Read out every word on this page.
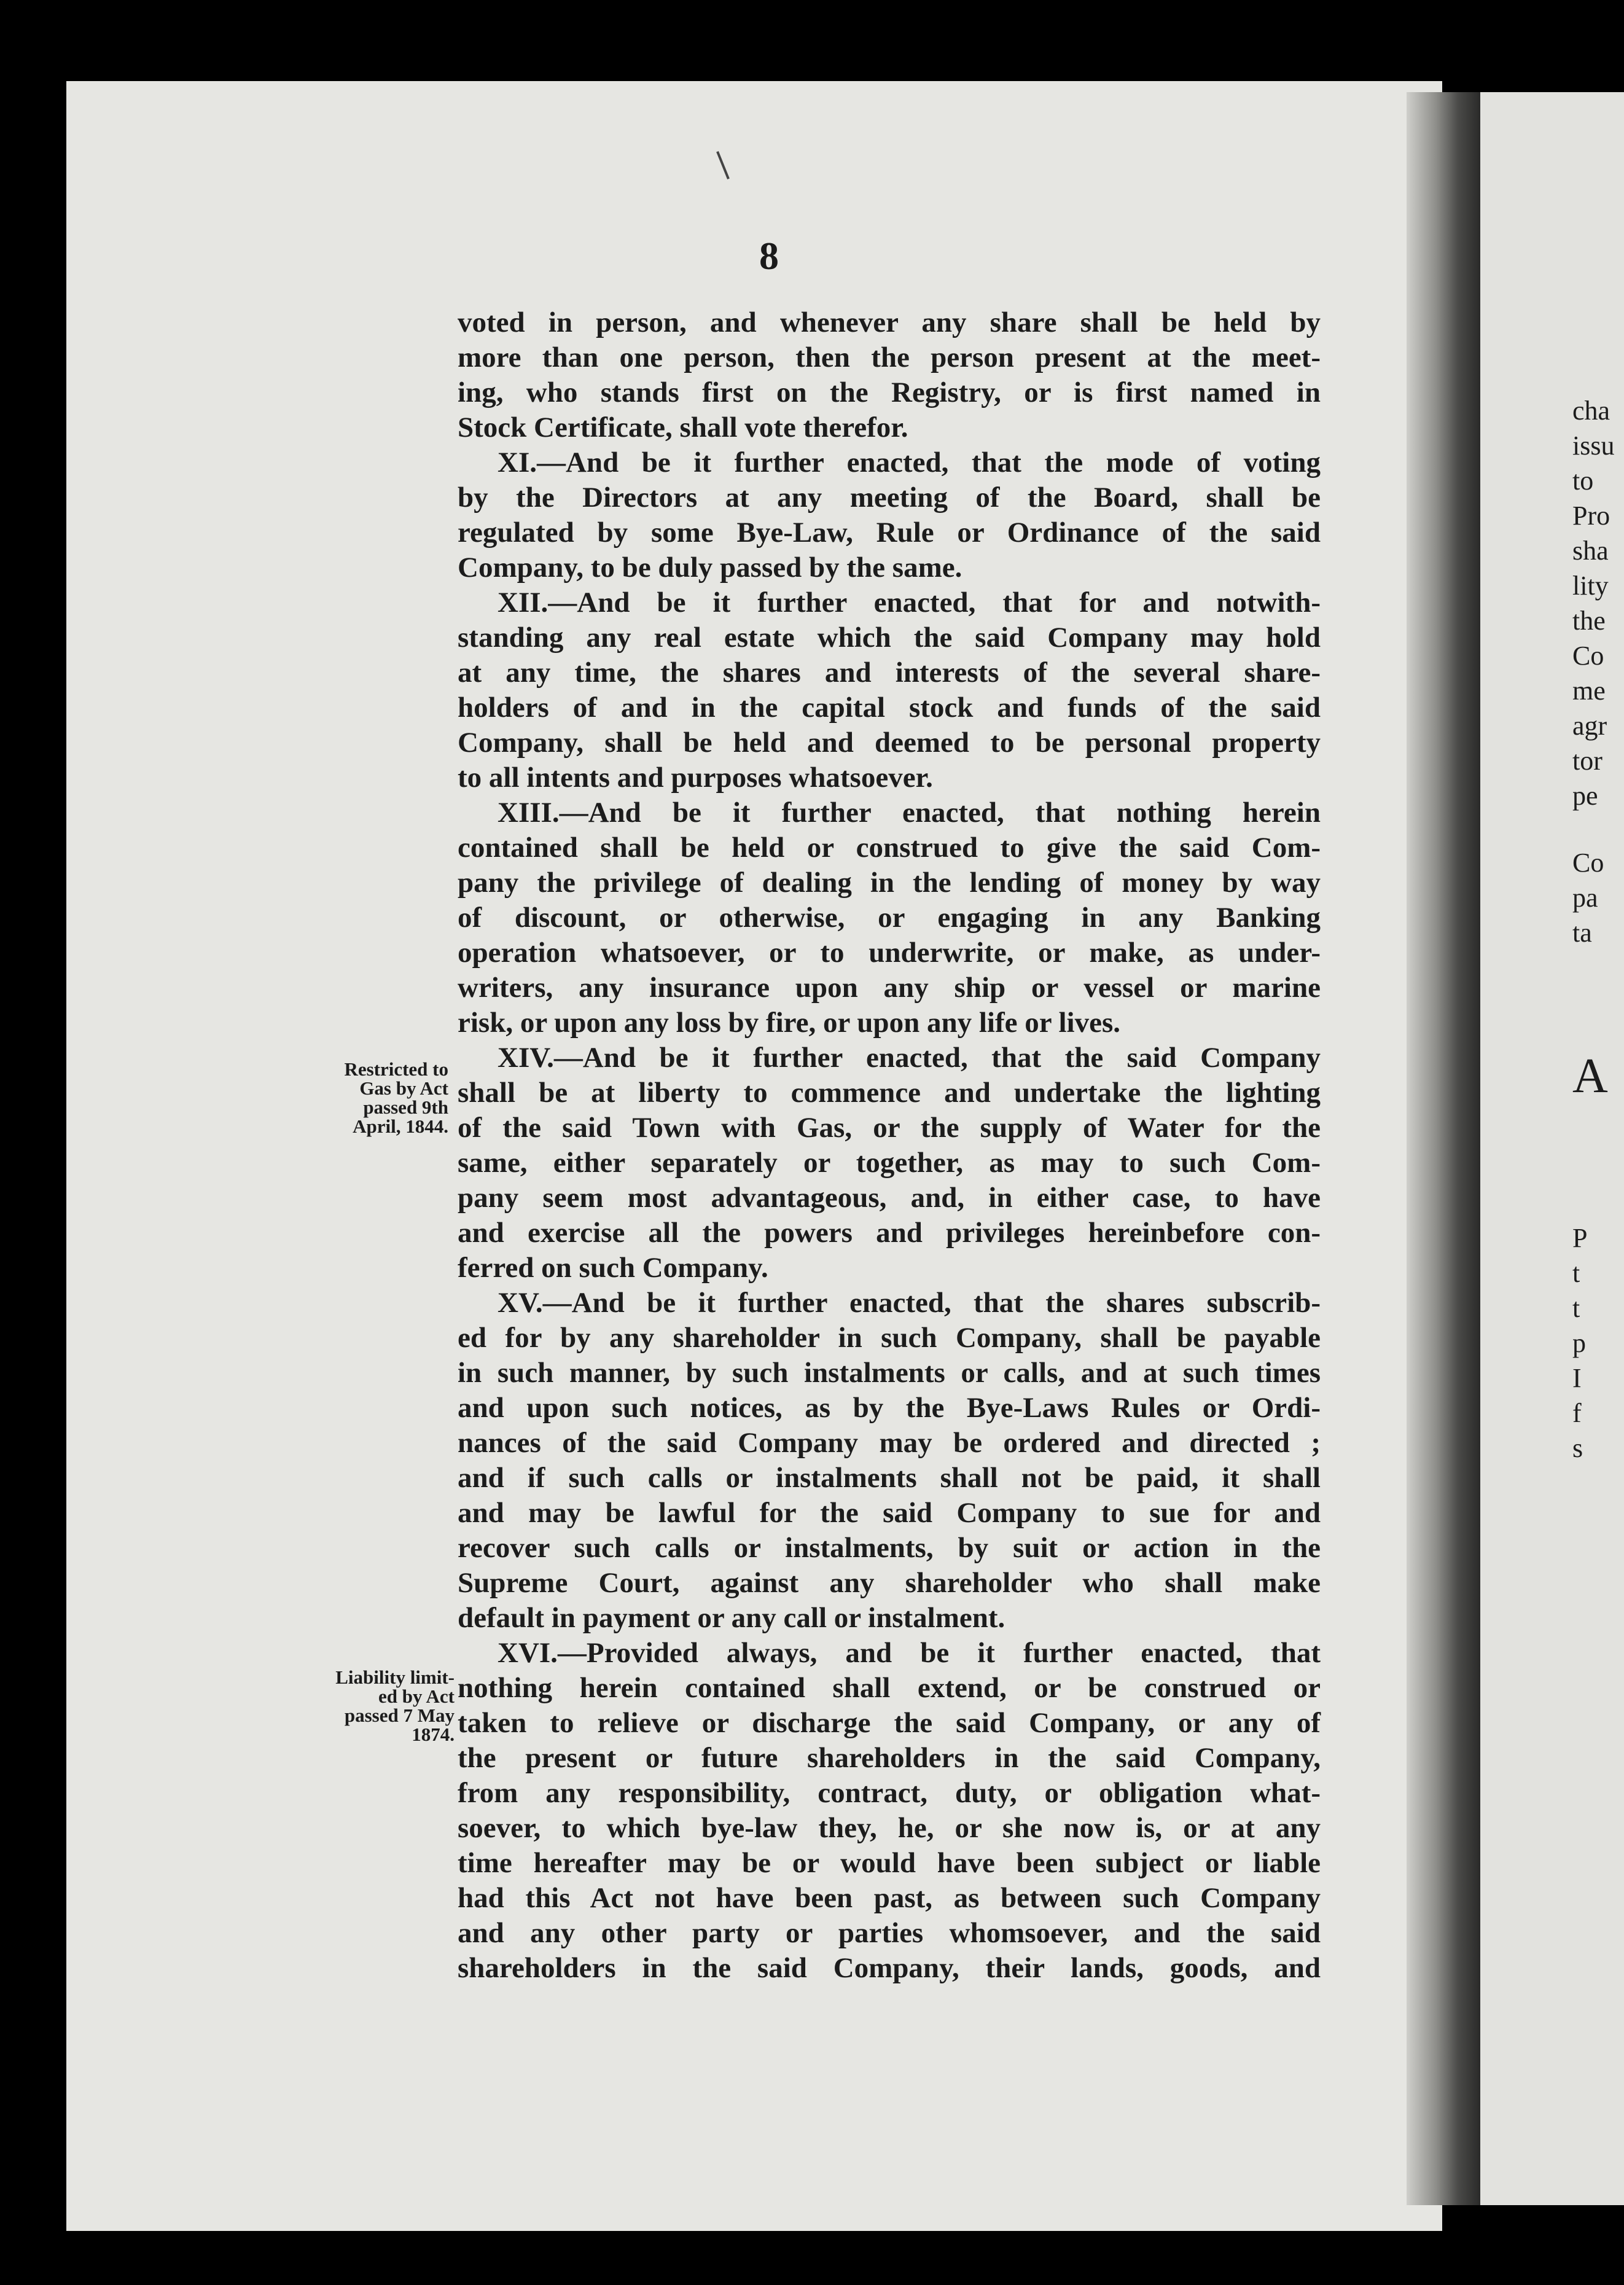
cha
issu
to
Pro
sha
lity
the
Co
me
agr
tor
pe
Co
pa
ta
A
P
t
t
p
I
f
s
8
Restricted to
Gas by Act
passed 9th
April, 1844.
Liability limit-
ed by Act
passed 7 May
1874.
voted in person, and whenever any share shall be held by
more than one person, then the person present at the meet-
ing, who stands first on the Registry, or is first named in
Stock Certificate, shall vote therefor.
XI.—And be it further enacted, that the mode of voting
by the Directors at any meeting of the Board, shall be
regulated by some Bye-Law, Rule or Ordinance of the said
Company, to be duly passed by the same.
XII.—And be it further enacted, that for and notwith-
standing any real estate which the said Company may hold
at any time, the shares and interests of the several share-
holders of and in the capital stock and funds of the said
Company, shall be held and deemed to be personal property
to all intents and purposes whatsoever.
XIII.—And be it further enacted, that nothing herein
contained shall be held or construed to give the said Com-
pany the privilege of dealing in the lending of money by way
of discount, or otherwise, or engaging in any Banking
operation whatsoever, or to underwrite, or make, as under-
writers, any insurance upon any ship or vessel or marine
risk, or upon any loss by fire, or upon any life or lives.
XIV.—And be it further enacted, that the said Company
shall be at liberty to commence and undertake the lighting
of the said Town with Gas, or the supply of Water for the
same, either separately or together, as may to such Com-
pany seem most advantageous, and, in either case, to have
and exercise all the powers and privileges hereinbefore con-
ferred on such Company.
XV.—And be it further enacted, that the shares subscrib-
ed for by any shareholder in such Company, shall be payable
in such manner, by such instalments or calls, and at such times
and upon such notices, as by the Bye-Laws Rules or Ordi-
nances of the said Company may be ordered and directed ;
and if such calls or instalments shall not be paid, it shall
and may be lawful for the said Company to sue for and
recover such calls or instalments, by suit or action in the
Supreme Court, against any shareholder who shall make
default in payment or any call or instalment.
XVI.—Provided always, and be it further enacted, that
nothing herein contained shall extend, or be construed or
taken to relieve or discharge the said Company, or any of
the present or future shareholders in the said Company,
from any responsibility, contract, duty, or obligation what-
soever, to which bye-law they, he, or she now is, or at any
time hereafter may be or would have been subject or liable
had this Act not have been past, as between such Company
and any other party or parties whomsoever, and the said
shareholders in the said Company, their lands, goods, and
